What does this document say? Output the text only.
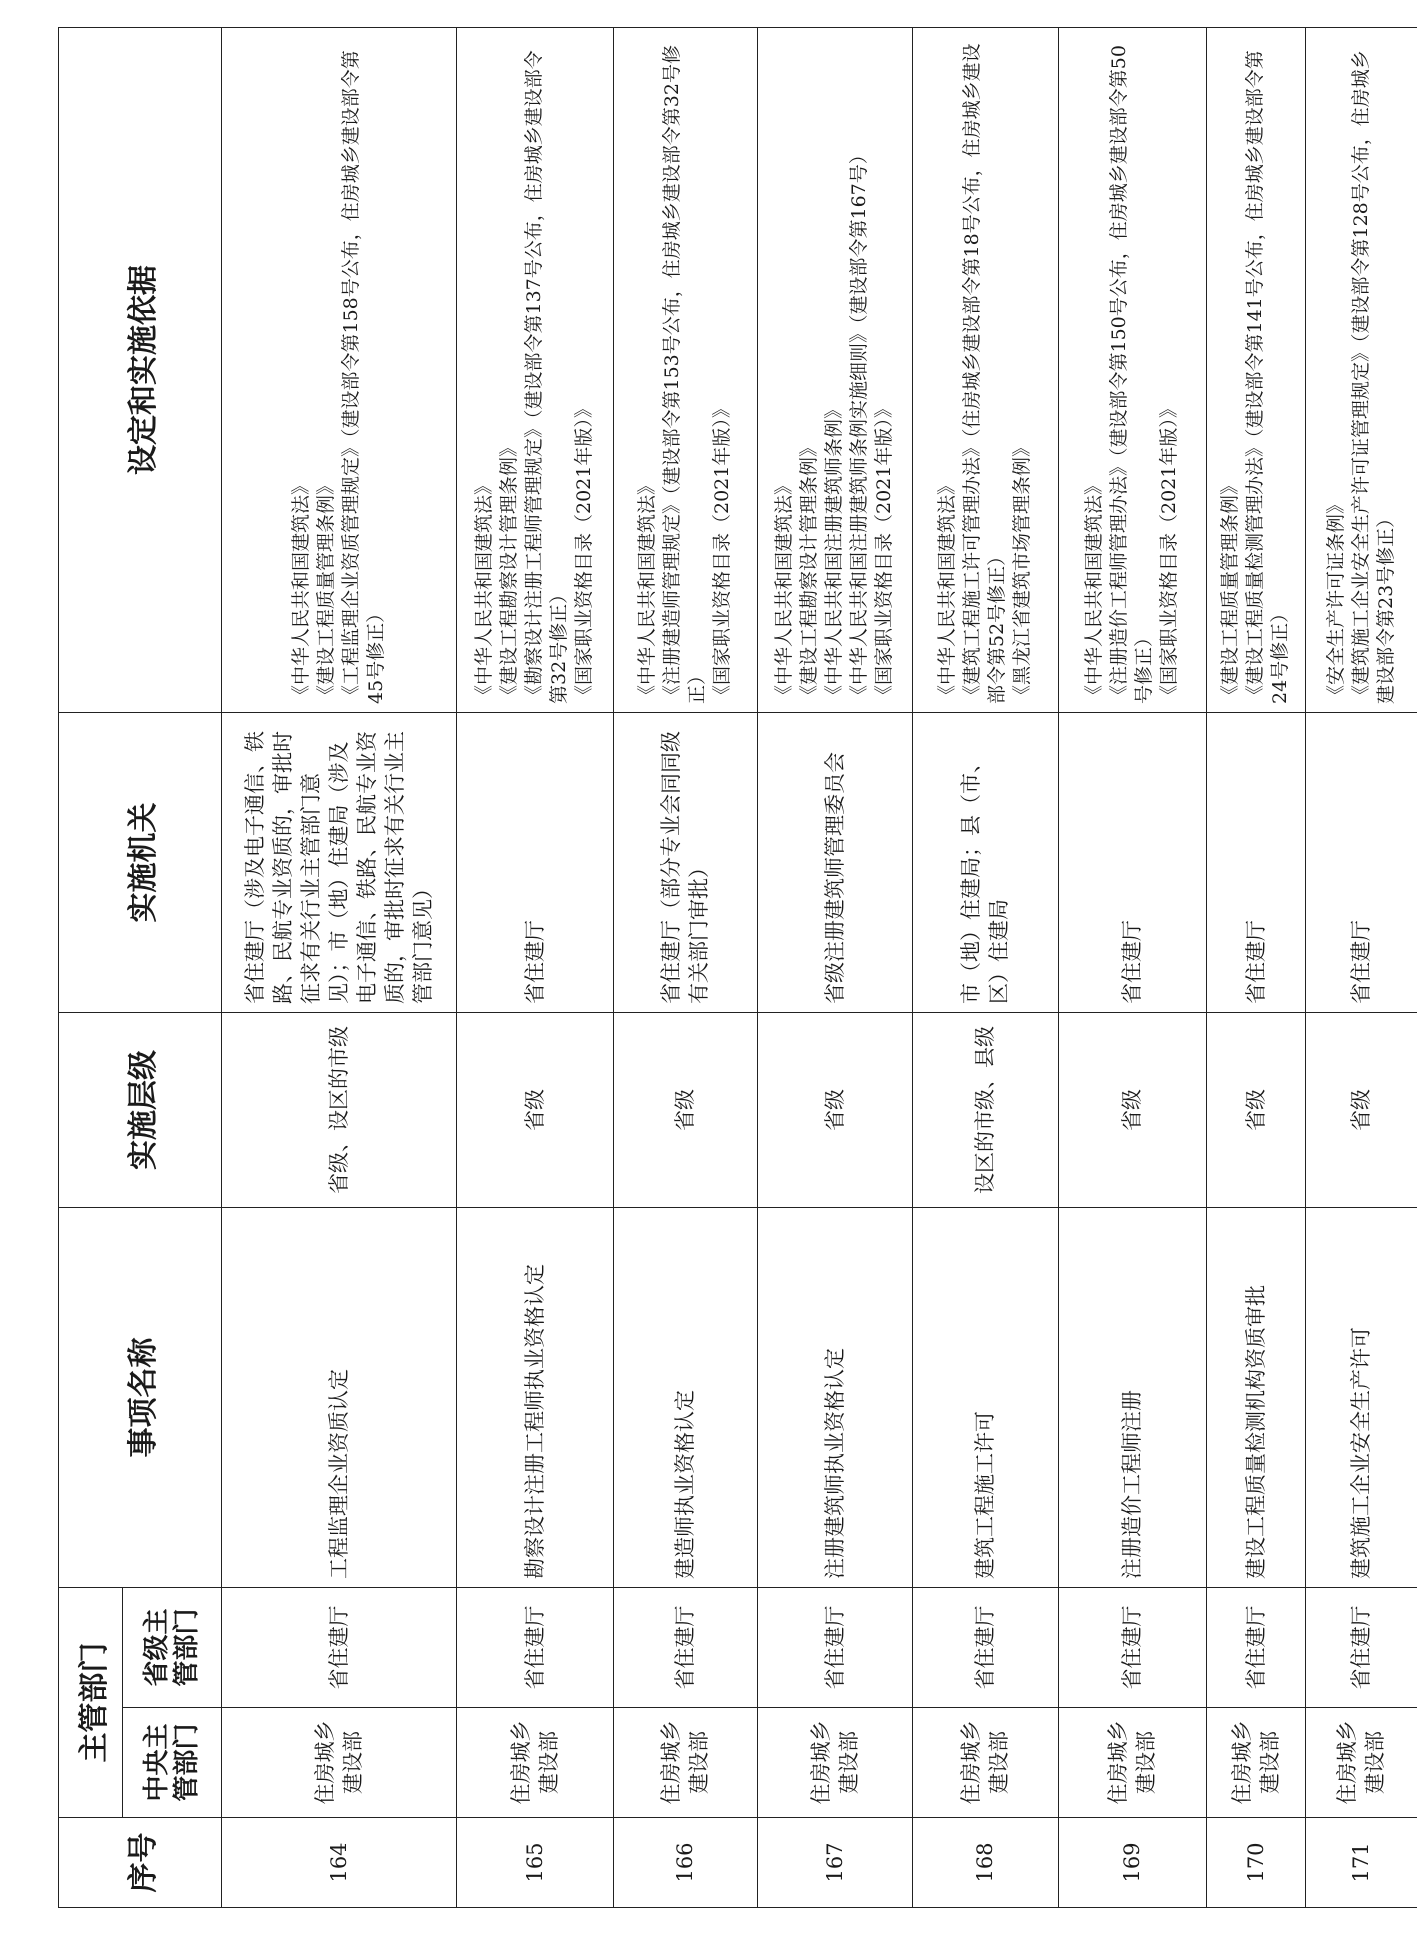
序号	主管部门		事项名称	实施层级	实施机关	设定和实施依据
	中央主管部门	省级主管部门				
164	住房城乡建设部	省住建厅	工程监理企业资质认定	省级、设区的市级	省住建厅（涉及电子通信、铁路、民航专业资质的，审批时征求有关行业主管部门意见）；市（地）住建局（涉及电子通信、铁路、民航专业资质的，审批时征求有关行业主管部门意见）	《中华人民共和国建筑法》 《建设工程质量管理条例》 《工程监理企业资质管理规定》（建设部令第158号公布，住房城乡建设部令第45号修正）

165	住房城乡建设部	省住建厅	勘察设计注册工程师执业资格认定	省级	省住建厅	《中华人民共和国建筑法》 《建设工程勘察设计管理条例》 《勘察设计注册工程师管理规定》（建设部令第137号公布，住房城乡建设部令第32号修正） 《国家职业资格目录（2021年版）》

166	住房城乡建设部	省住建厅	建造师执业资格认定	省级	省住建厅（部分专业会同同级有关部门审批）	《中华人民共和国建筑法》 《注册建造师管理规定》（建设部令第153号公布，住房城乡建设部令第32号修正） 《国家职业资格目录（2021年版）》

167	住房城乡建设部	省住建厅	注册建筑师执业资格认定	省级	省级注册建筑师管理委员会	《中华人民共和国建筑法》 《建设工程勘察设计管理条例》 《中华人民共和国注册建筑师条例》 《中华人民共和国注册建筑师条例实施细则》（建设部令第167号） 《国家职业资格目录（2021年版）》

168	住房城乡建设部	省住建厅	建筑工程施工许可	设区的市级、县级	市（地）住建局；县（市、区）住建局	《中华人民共和国建筑法》 《建筑工程施工许可管理办法》（住房城乡建设部令第18号公布，住房城乡建设部令第52号修正） 《黑龙江省建筑市场管理条例》

169	住房城乡建设部	省住建厅	注册造价工程师注册	省级	省住建厅	《中华人民共和国建筑法》 《注册造价工程师管理办法》（建设部令第150号公布，住房城乡建设部令第50号修正） 《国家职业资格目录（2021年版）》

170	住房城乡建设部	省住建厅	建设工程质量检测机构资质审批	省级	省住建厅	《建设工程质量管理条例》 《建设工程质量检测管理办法》（建设部令第141号公布，住房城乡建设部令第24号修正）

171	住房城乡建设部	省住建厅	建筑施工企业安全生产许可	省级	省住建厅	《安全生产许可证条例》 《建筑施工企业安全生产许可证管理规定》（建设部令第128号公布，住房城乡建设部令第23号修正）
